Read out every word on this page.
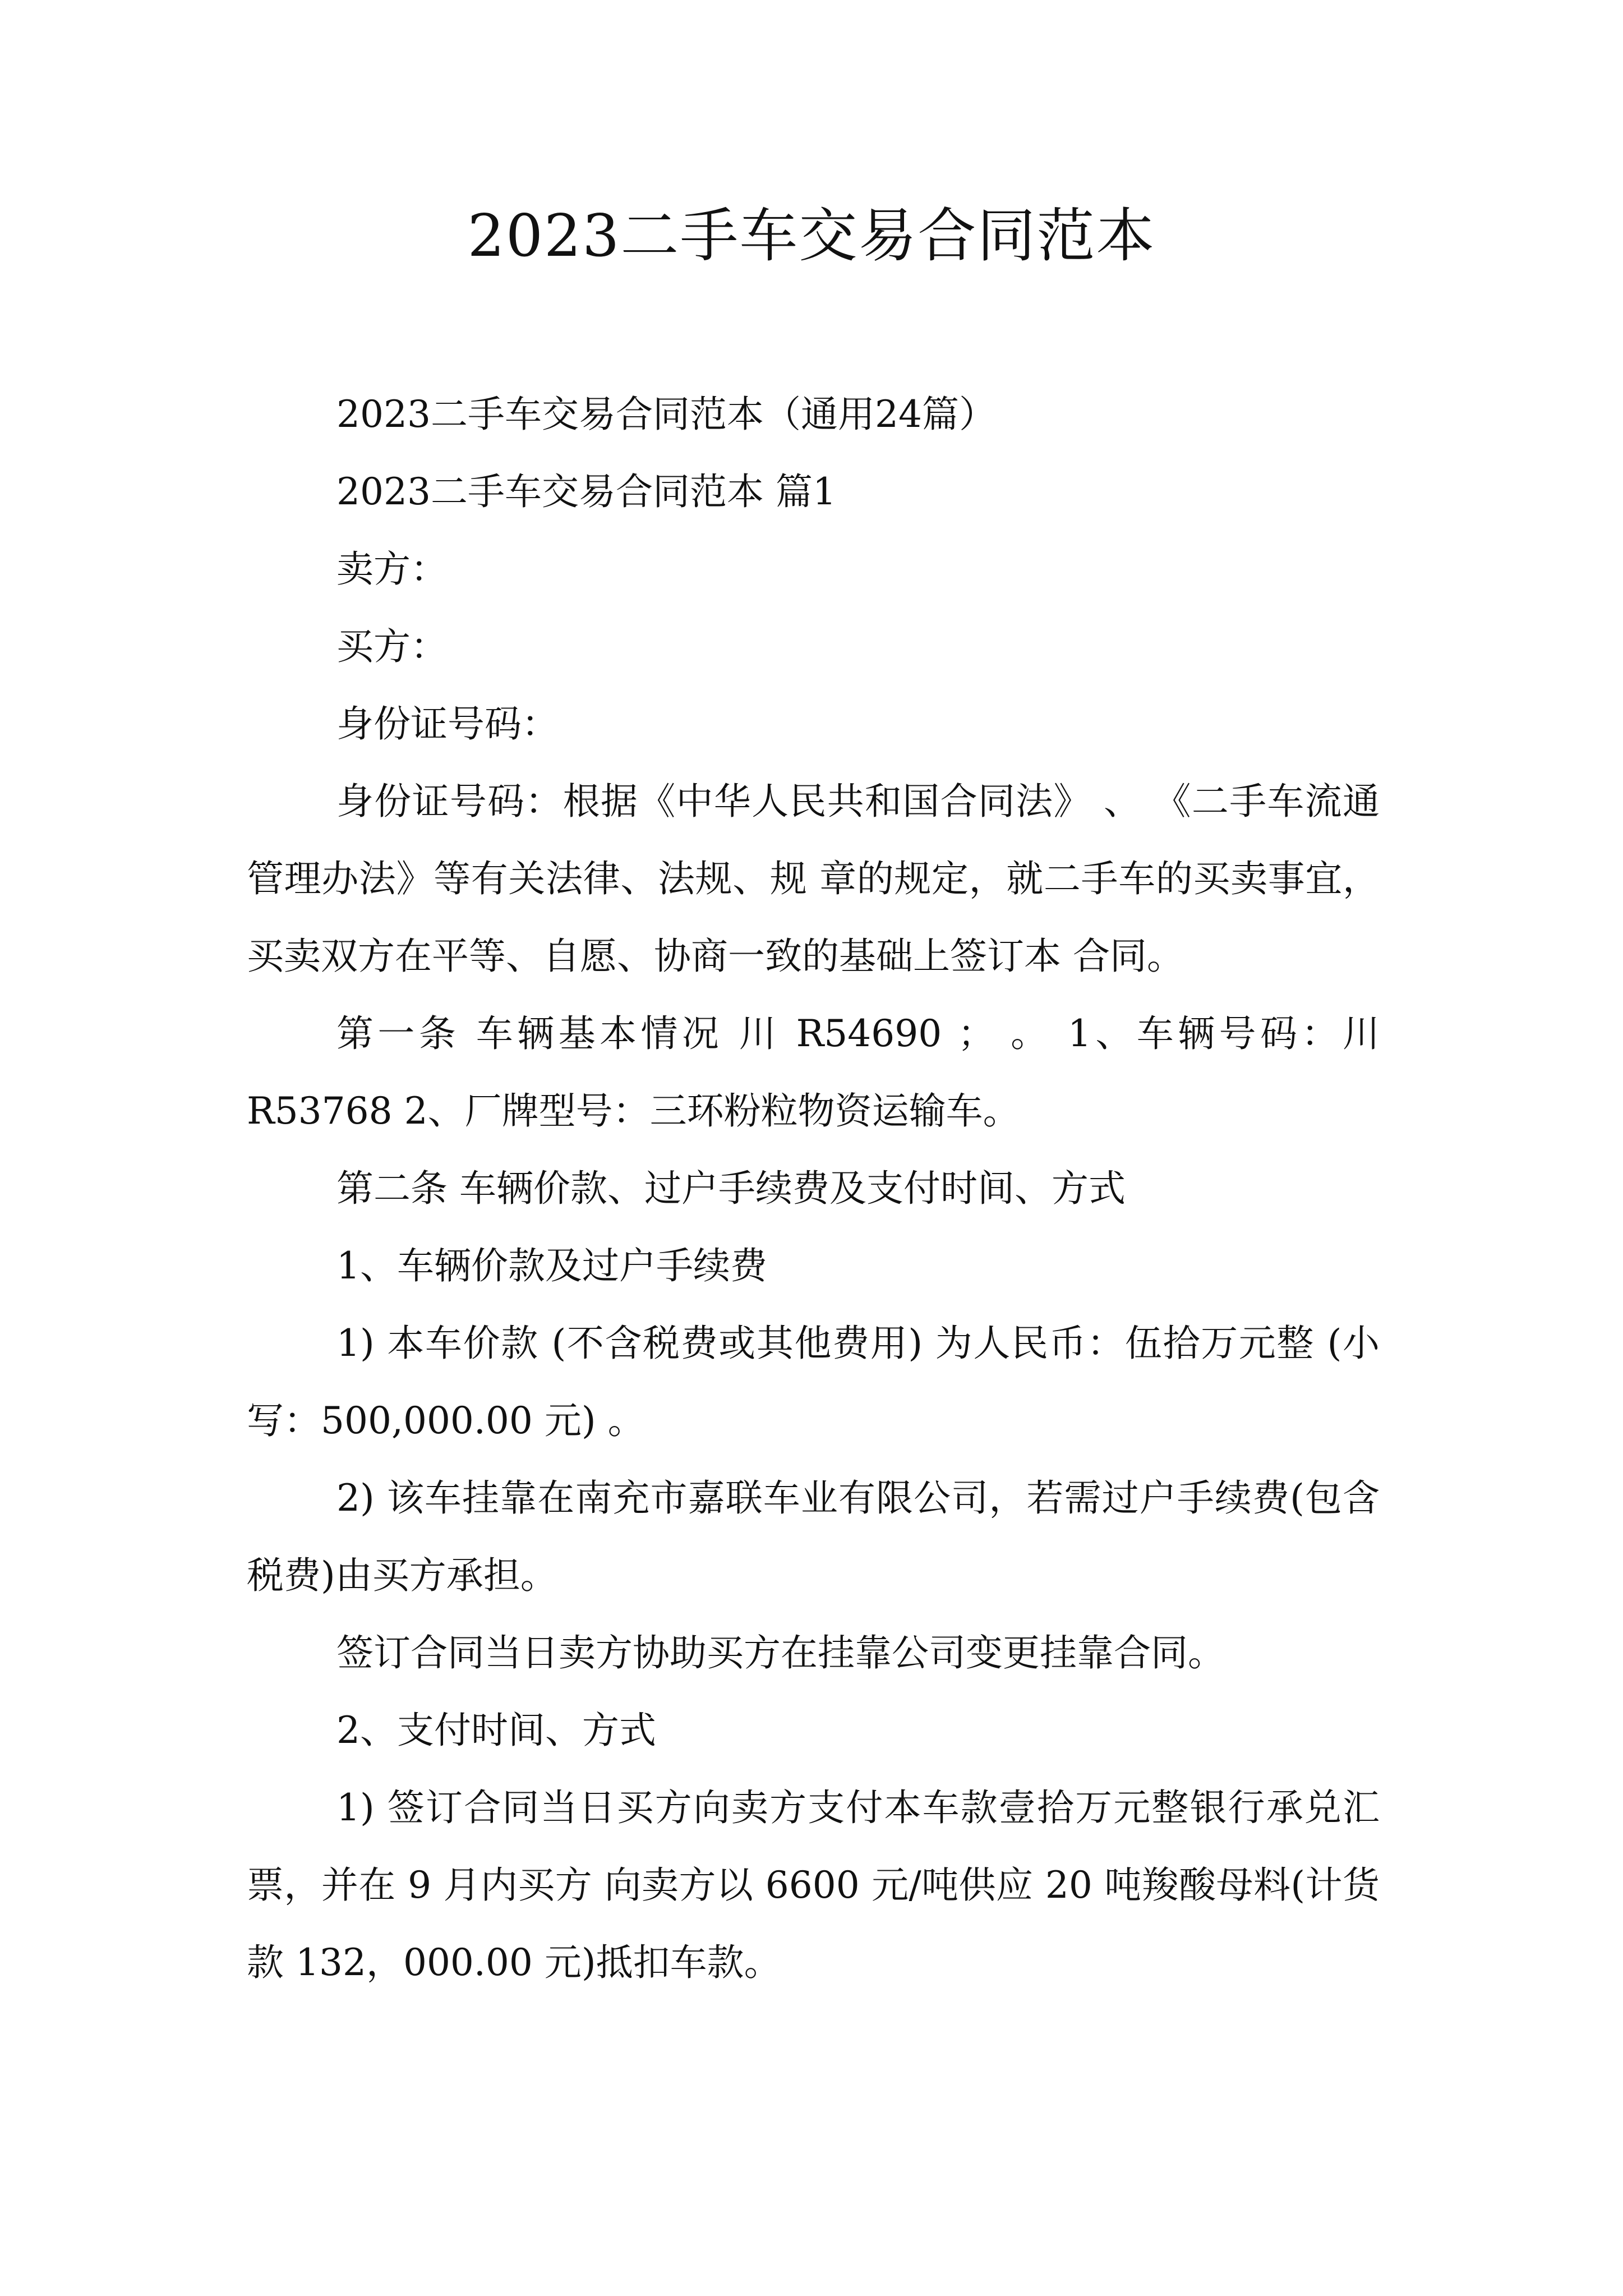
2023二手车交易合同范本

2023二手车交易合同范本（通用24篇）

2023二手车交易合同范本 篇1

卖方：

买方：

身份证号码：

身份证号码：根据《中华人民共和国合同法》 、 《二手车流通管理办法》等有关法律、法规、规 章的规定，就二手车的买卖事宜，买卖双方在平等、自愿、协商一致的基础上签订本 合同。

第一条 车辆基本情况 川 R54690 ； 。 1、车辆号码：川 R53768 2、厂牌型号：三环粉粒物资运输车。

第二条 车辆价款、过户手续费及支付时间、方式

1、车辆价款及过户手续费

1) 本车价款 (不含税费或其他费用) 为人民币：伍拾万元整 (小写：500,000.00 元) 。

2) 该车挂靠在南充市嘉联车业有限公司，若需过户手续费(包含税费)由买方承担。

签订合同当日卖方协助买方在挂靠公司变更挂靠合同。

2、支付时间、方式

1) 签订合同当日买方向卖方支付本车款壹拾万元整银行承兑汇票，并在 9 月内买方 向卖方以 6600 元/吨供应 20 吨羧酸母料(计货款 132，000.00 元)抵扣车款。
